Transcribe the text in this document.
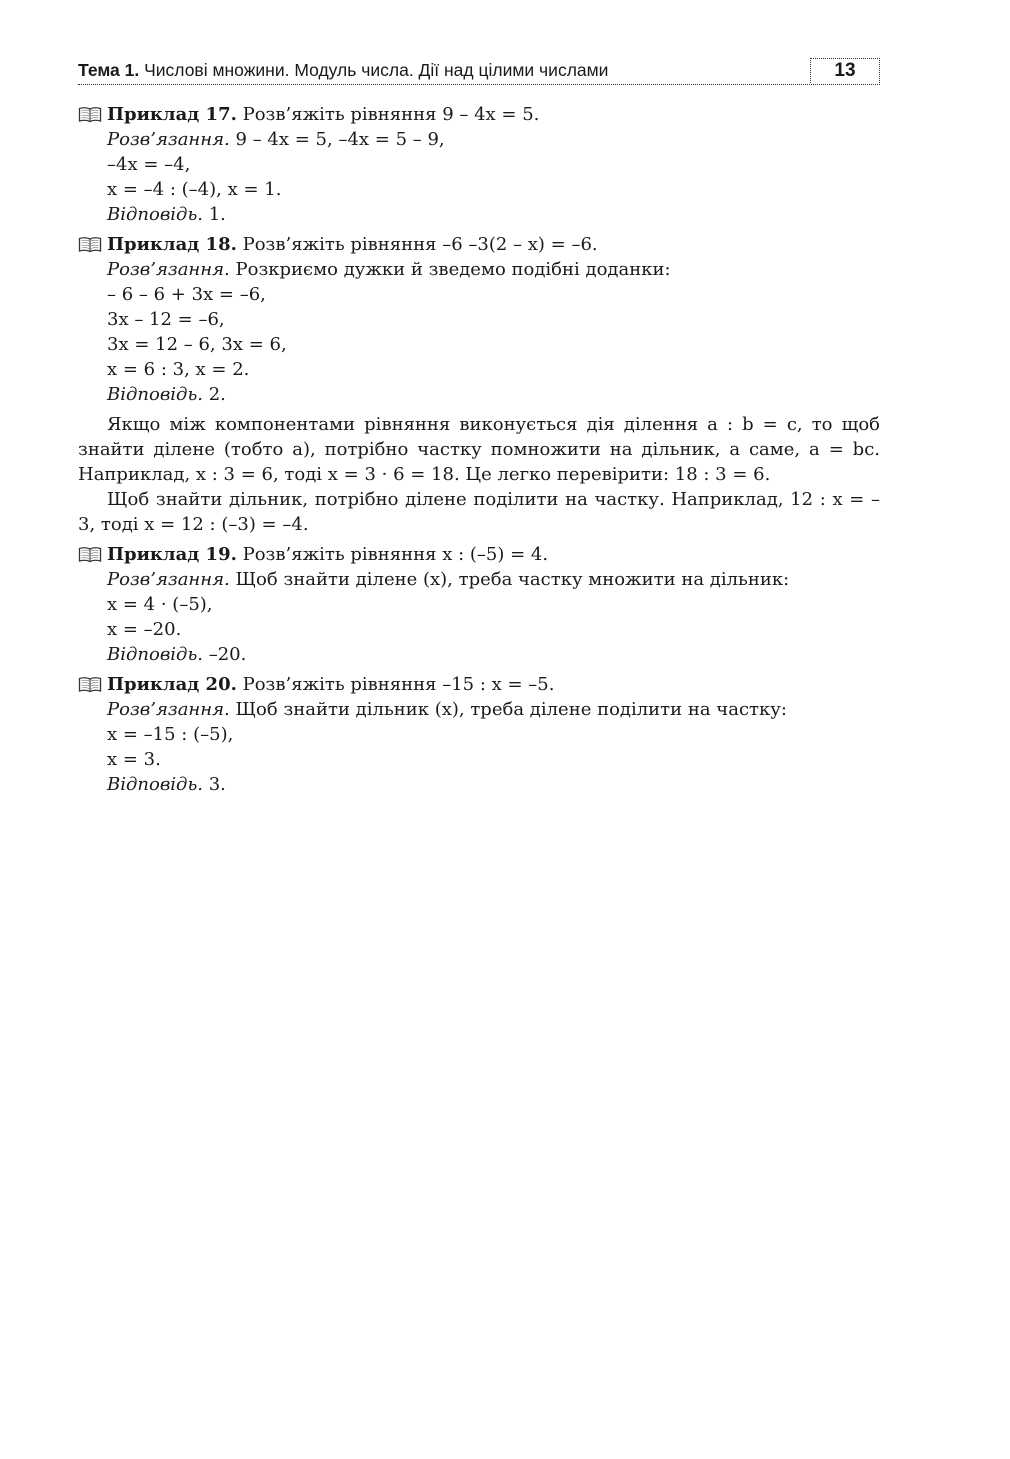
Тема 1. Числові множини. Модуль числа. Дії над цілими числами	13
Приклад 17. Розв’яжіть рівняння 9 – 4x = 5.
Розв’язання. 9 – 4x = 5, –4x = 5 – 9,
–4x = –4,
x = –4 : (–4), x = 1.
Відповідь. 1.
Приклад 18. Розв’яжіть рівняння –6 –3(2 – x) = –6.
Розв’язання. Розкриємо дужки й зведемо подібні доданки:
– 6 – 6 + 3x = –6,
3x – 12 = –6,
3x = 12 – 6, 3x = 6,
x = 6 : 3, x = 2.
Відповідь. 2.

Якщо між компонентами рівняння виконується дія ділення a : b = c, то щоб знайти ділене (тобто a), потрібно частку помножити на дільник, а саме, a = bc. Наприклад, x : 3 = 6, тоді x = 3 · 6 = 18. Це легко перевірити: 18 : 3 = 6.

Щоб знайти дільник, потрібно ділене поділити на частку. Наприклад, 12 : x = –3, тоді x = 12 : (–3) = –4.

Приклад 19. Розв’яжіть рівняння x : (–5) = 4.
Розв’язання. Щоб знайти ділене (x), треба частку множити на дільник:
x = 4 · (–5),
x = –20.
Відповідь. –20.
Приклад 20. Розв’яжіть рівняння –15 : x = –5.
Розв’язання. Щоб знайти дільник (x), треба ділене поділити на частку:
x = –15 : (–5),
x = 3.
Відповідь. 3.
